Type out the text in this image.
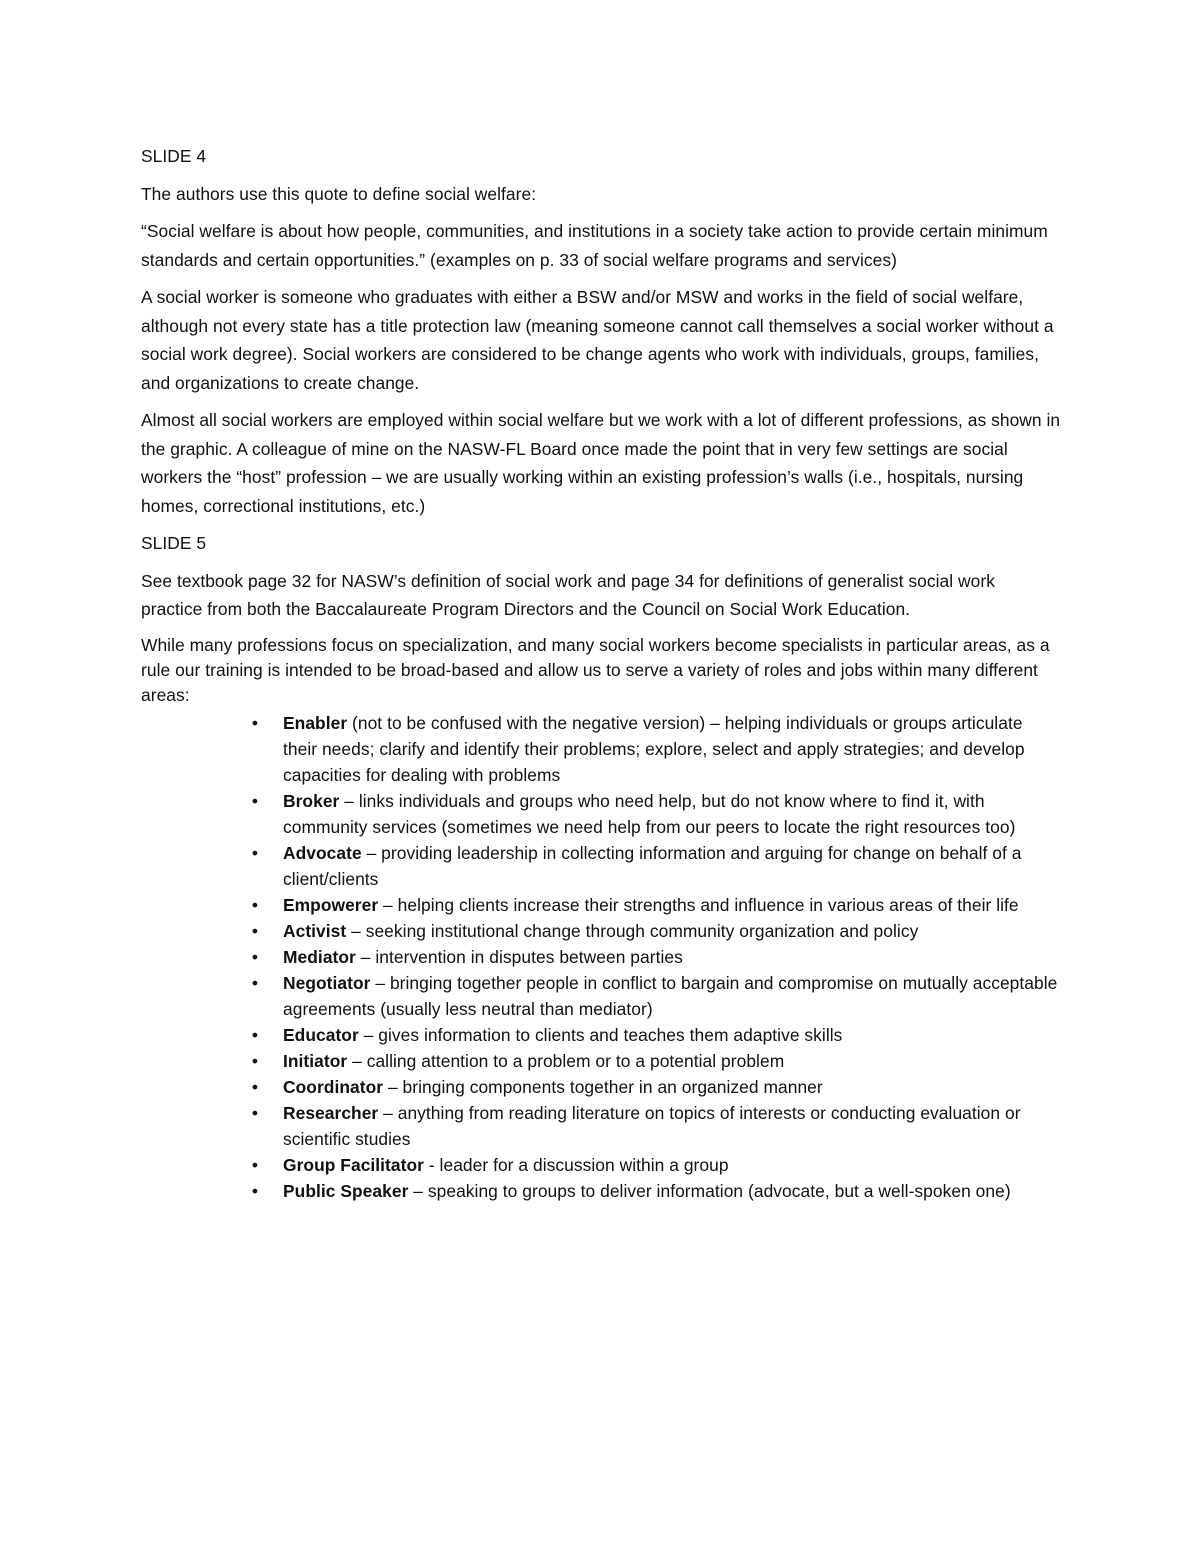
SLIDE 4

The authors use this quote to define social welfare:

“Social welfare is about how people, communities, and institutions in a society take action to provide certain minimum standards and certain opportunities.” (examples on p. 33 of social welfare programs and services)

A social worker is someone who graduates with either a BSW and/or MSW and works in the field of social welfare, although not every state has a title protection law (meaning someone cannot call themselves a social worker without a social work degree). Social workers are considered to be change agents who work with individuals, groups, families, and organizations to create change.

Almost all social workers are employed within social welfare but we work with a lot of different professions, as shown in the graphic. A colleague of mine on the NASW-FL Board once made the point that in very few settings are social workers the “host” profession – we are usually working within an existing profession’s walls (i.e., hospitals, nursing homes, correctional institutions, etc.)

SLIDE 5

See textbook page 32 for NASW’s definition of social work and page 34 for definitions of generalist social work practice from both the Baccalaureate Program Directors and the Council on Social Work Education.

While many professions focus on specialization, and many social workers become specialists in particular areas, as a rule our training is intended to be broad-based and allow us to serve a variety of roles and jobs within many different areas:

• Enabler (not to be confused with the negative version) – helping individuals or groups articulate their needs; clarify and identify their problems; explore, select and apply strategies; and develop capacities for dealing with problems
• Broker – links individuals and groups who need help, but do not know where to find it, with community services (sometimes we need help from our peers to locate the right resources too)
• Advocate – providing leadership in collecting information and arguing for change on behalf of a client/clients
• Empowerer – helping clients increase their strengths and influence in various areas of their life
• Activist – seeking institutional change through community organization and policy
• Mediator – intervention in disputes between parties
• Negotiator – bringing together people in conflict to bargain and compromise on mutually acceptable agreements (usually less neutral than mediator)
• Educator – gives information to clients and teaches them adaptive skills
• Initiator – calling attention to a problem or to a potential problem
• Coordinator – bringing components together in an organized manner
• Researcher – anything from reading literature on topics of interests or conducting evaluation or scientific studies
• Group Facilitator - leader for a discussion within a group
• Public Speaker – speaking to groups to deliver information (advocate, but a well-spoken one)
